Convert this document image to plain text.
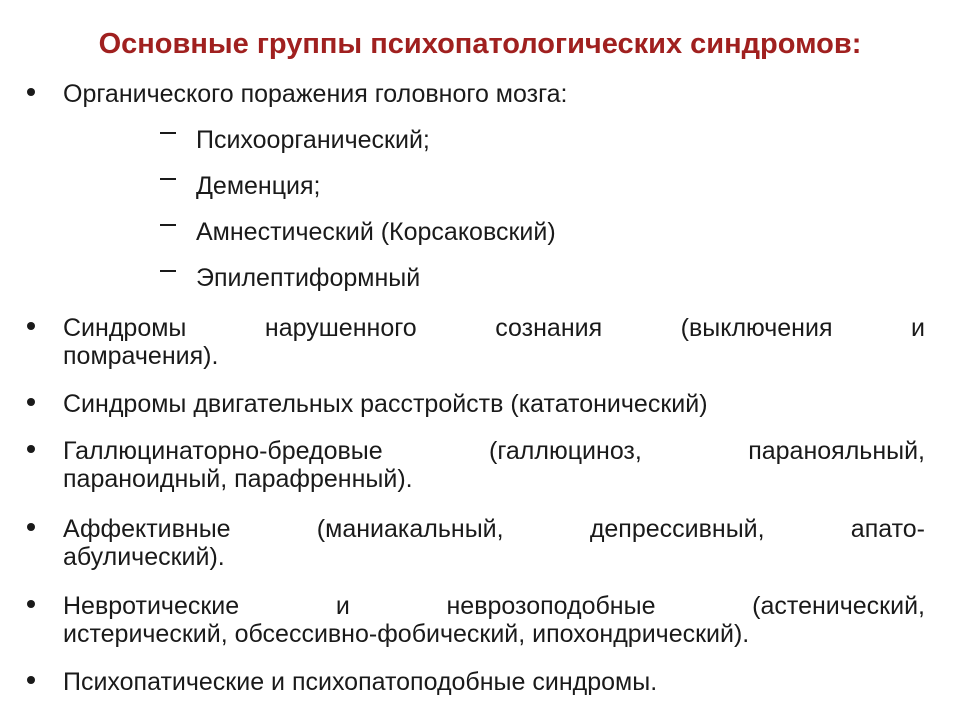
Основные группы психопатологических синдромов:
Органического поражения головного мозга:
Психоорганический;
Деменция;
Амнестический (Корсаковский)
Эпилептиформный
Синдромы нарушенного сознания (выключения и
помрачения).
Синдромы двигательных расстройств (кататонический)
Галлюцинаторно-бредовые (галлюциноз, паранояльный,
параноидный, парафренный).
Аффективные (маниакальный, депрессивный, апато-
абулический).
Невротические и неврозоподобные (астенический,
истерический, обсессивно-фобический, ипохондрический).
Психопатические и психопатоподобные синдромы.
